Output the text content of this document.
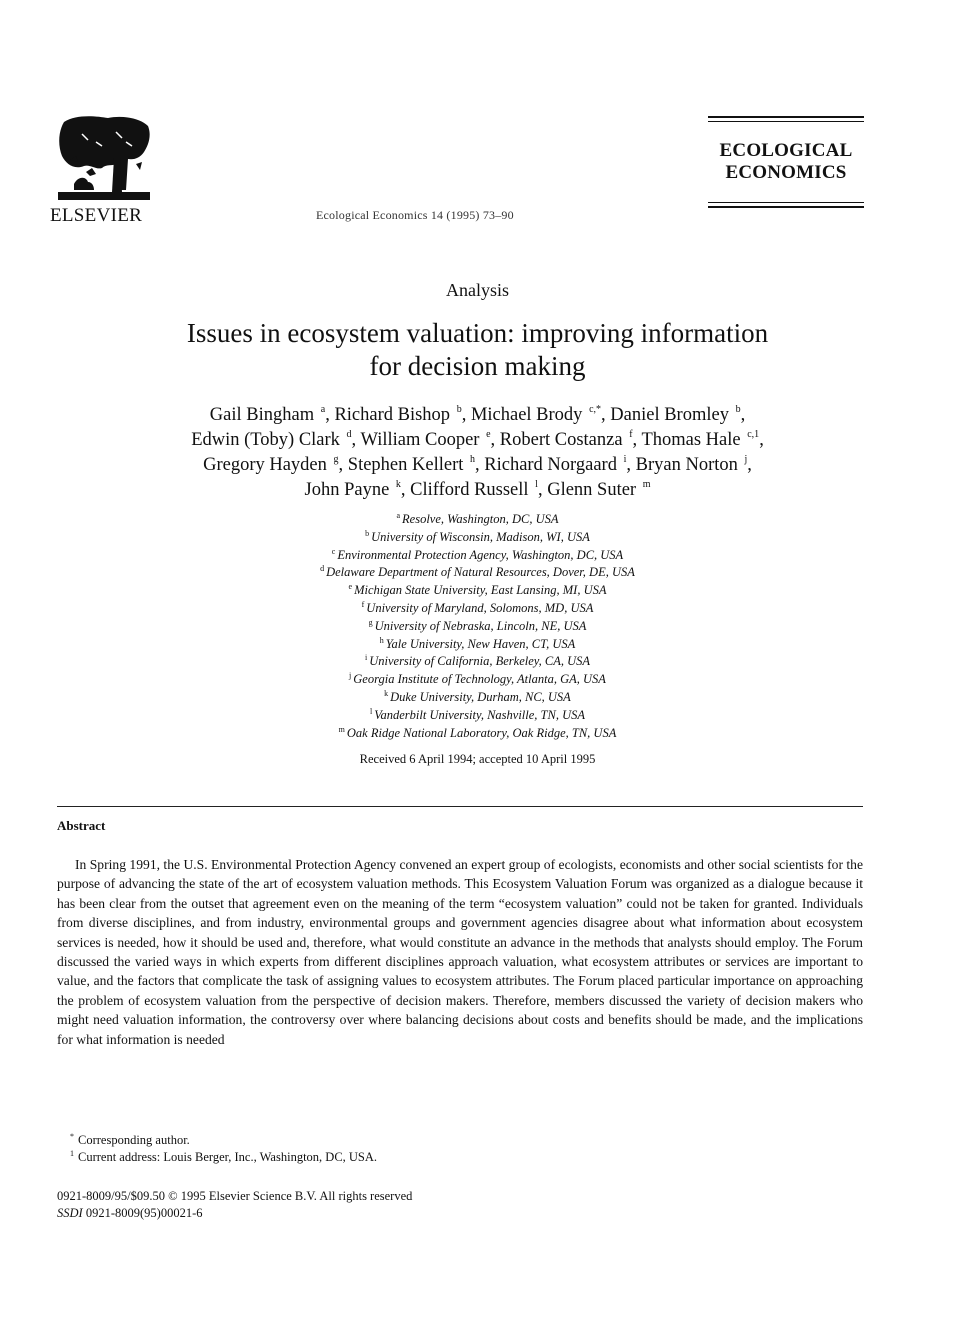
ELSEVIER	Ecological Economics 14 (1995) 73–90
ECOLOGICAL
ECONOMICS
Analysis
Issues in ecosystem valuation: improving information
for decision making
Gail Bingham $^a$, Richard Bishop $^b$, Michael Brody $^{c,*}$, Daniel Bromley $^b$,
Edwin (Toby) Clark $^d$, William Cooper $^e$, Robert Costanza $^f$, Thomas Hale $^{c,1}$,
Gregory Hayden $^g$, Stephen Kellert $^h$, Richard Norgaard $^i$, Bryan Norton $^j$,
John Payne $^k$, Clifford Russell $^l$, Glenn Suter $^m$
$^a$ Resolve, Washington, DC, USA
$^b$ University of Wisconsin, Madison, WI, USA
$^c$ Environmental Protection Agency, Washington, DC, USA
$^d$ Delaware Department of Natural Resources, Dover, DE, USA
$^e$ Michigan State University, East Lansing, MI, USA
$^f$ University of Maryland, Solomons, MD, USA
$^g$ University of Nebraska, Lincoln, NE, USA
$^h$ Yale University, New Haven, CT, USA
$^i$ University of California, Berkeley, CA, USA
$^j$ Georgia Institute of Technology, Atlanta, GA, USA
$^k$ Duke University, Durham, NC, USA
$^l$ Vanderbilt University, Nashville, TN, USA
$^m$ Oak Ridge National Laboratory, Oak Ridge, TN, USA
Received 6 April 1994; accepted 10 April 1995
Abstract
In Spring 1991, the U.S. Environmental Protection Agency convened an expert group of ecologists, economists and other social scientists for the purpose of advancing the state of the art of ecosystem valuation methods. This Ecosystem Valuation Forum was organized as a dialogue because it has been clear from the outset that agreement even on the meaning of the term “ecosystem valuation” could not be taken for granted. Individuals from diverse disciplines, and from industry, environmental groups and government agencies disagree about what information about ecosystem services is needed, how it should be used and, therefore, what would constitute an advance in the methods that analysts should employ. The Forum discussed the varied ways in which experts from different disciplines approach valuation, what ecosystem attributes or services are important to value, and the factors that complicate the task of assigning values to ecosystem attributes. The Forum placed particular importance on approaching the problem of ecosystem valuation from the perspective of decision makers. Therefore, members discussed the variety of decision makers who might need valuation information, the controversy over where balancing decisions about costs and benefits should be made, and the implications for what information is needed
* Corresponding author.
$^1$ Current address: Louis Berger, Inc., Washington, DC, USA.
0921-8009/95/$09.50 © 1995 Elsevier Science B.V. All rights reserved
SSDI 0921-8009(95)00021-6
